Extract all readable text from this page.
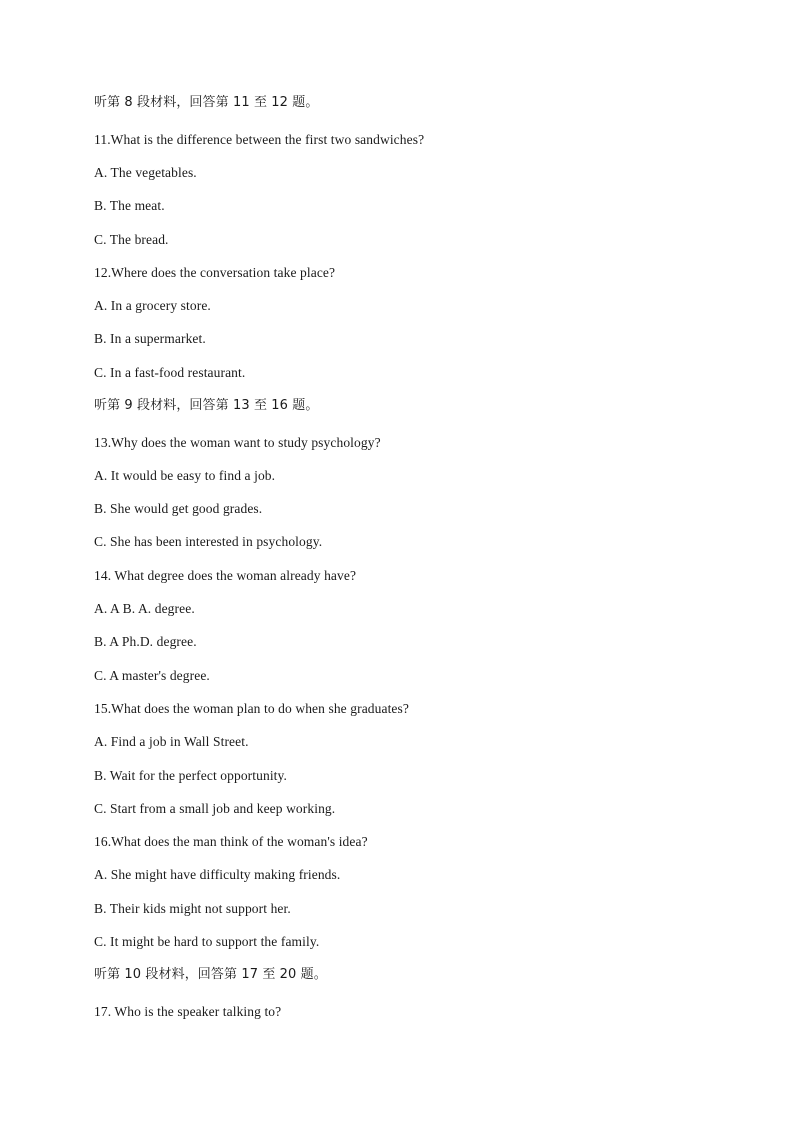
听第 8 段材料，回答第 11 至 12 题。
11.What is the difference between the first two sandwiches?
A. The vegetables.
B. The meat.
C. The bread.
12.Where does the conversation take place?
A. In a grocery store.
B. In a supermarket.
C. In a fast-food restaurant.
听第 9 段材料，回答第 13 至 16 题。
13.Why does the woman want to study psychology?
A. It would be easy to find a job.
B. She would get good grades.
C. She has been interested in psychology.
14. What degree does the woman already have?
A. A B. A. degree.
B. A Ph.D. degree.
C. A master's degree.
15.What does the woman plan to do when she graduates?
A. Find a job in Wall Street.
B. Wait for the perfect opportunity.
C. Start from a small job and keep working.
16.What does the man think of the woman's idea?
A. She might have difficulty making friends.
B. Their kids might not support her.
C. It might be hard to support the family.
听第 10 段材料，回答第 17 至 20 题。
17. Who is the speaker talking to?
